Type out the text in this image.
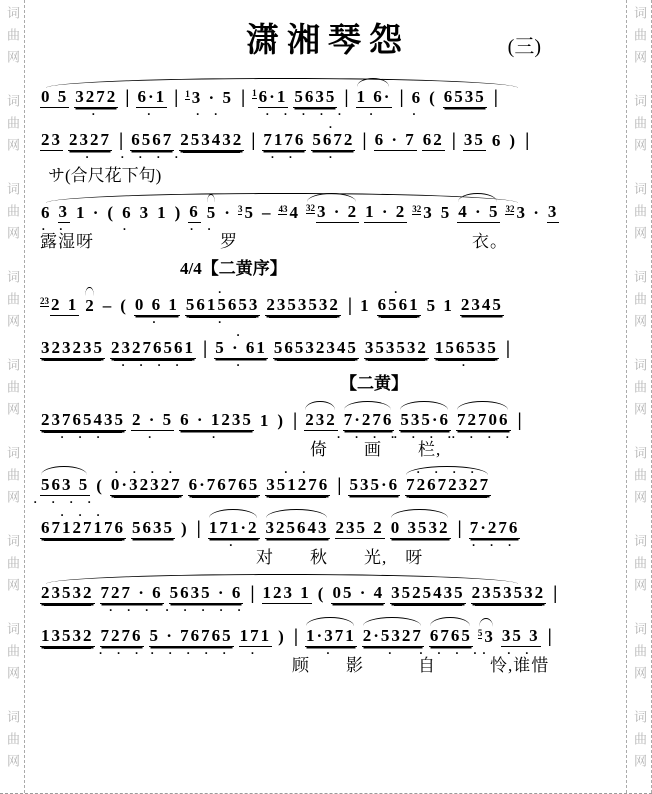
词曲网　词曲网　词曲网　词曲网　词曲网　词曲网　词曲网　词曲网　词曲网	词曲网　词曲网　词曲网　词曲网　词曲网　词曲网　词曲网　词曲网　词曲网
潇湘琴怨	(三)
0 5 3272
·
| 6·1
·
| $^1$ 3 · 5
· ·
| $^1$ 6·1
·
5635
· · · ·
| 1 6·
·
| 6
·
( 6535 |
23 2327
·
| 6567
· · · ·
253432 | 7176
· ·
5672
·
·
| 6 · 7 62 | 35 6 ) |
サ(合尺花下句)
6
·
3
·
1 · ( 6
·
3 1 ) 6
·
5
·
· $^3$ 5 – $^{43}$ 4 $^{32}$ 3 · 2 1 · 2 $^{32}$ 3 5 4 · 5 $^{32}$ 3 · 3
露湿呀　　　　　　　罗　　　　　　　　　　　　　衣。
4/4【二黄序】
$^{23}$ 2 1 2 – ( 0 6 1
·
5615653
·
·
2353532 | 1 6561
·
5 1 2345
323235 23276561
· · · ·
| 5 · 61
·
·
56532345 353532 156535
·
|
【二黄】
23765435
· · ·
2 · 5
·
6 · 1235
·
1 ) | 232 7·276
· · · ·
535·6
· · · ·
72706
· · · ·
|
　　　　　　　　　　　　　　　倚　　画　　栏,
563 5
· · · ·
( 0·32327
· · · ·
6·76765 351276
· ·
| 535·6 72672327
· · · ·
67127176
· · ·
5635 ) | 171·2
·
325643 235 2 0 3532 | 7·276
· · ·
　　　　　　　　　　　　对　　秋　　光,　呀
23532 727 · 6
· · ·
5635 · 6
· · · · ·
| 123 1 ( 05 · 4 3525435 2353532 |
13532 7276
· · ·
5 · 76765
· · · · ·
171
·
) | 1·371
·
2·5327
·
6765
· · · ·
$^5$ 3
·
35 3
· ·
|
　　　　　　　　　　　　　　顾　　影　　　自　　　怜,谁惜
